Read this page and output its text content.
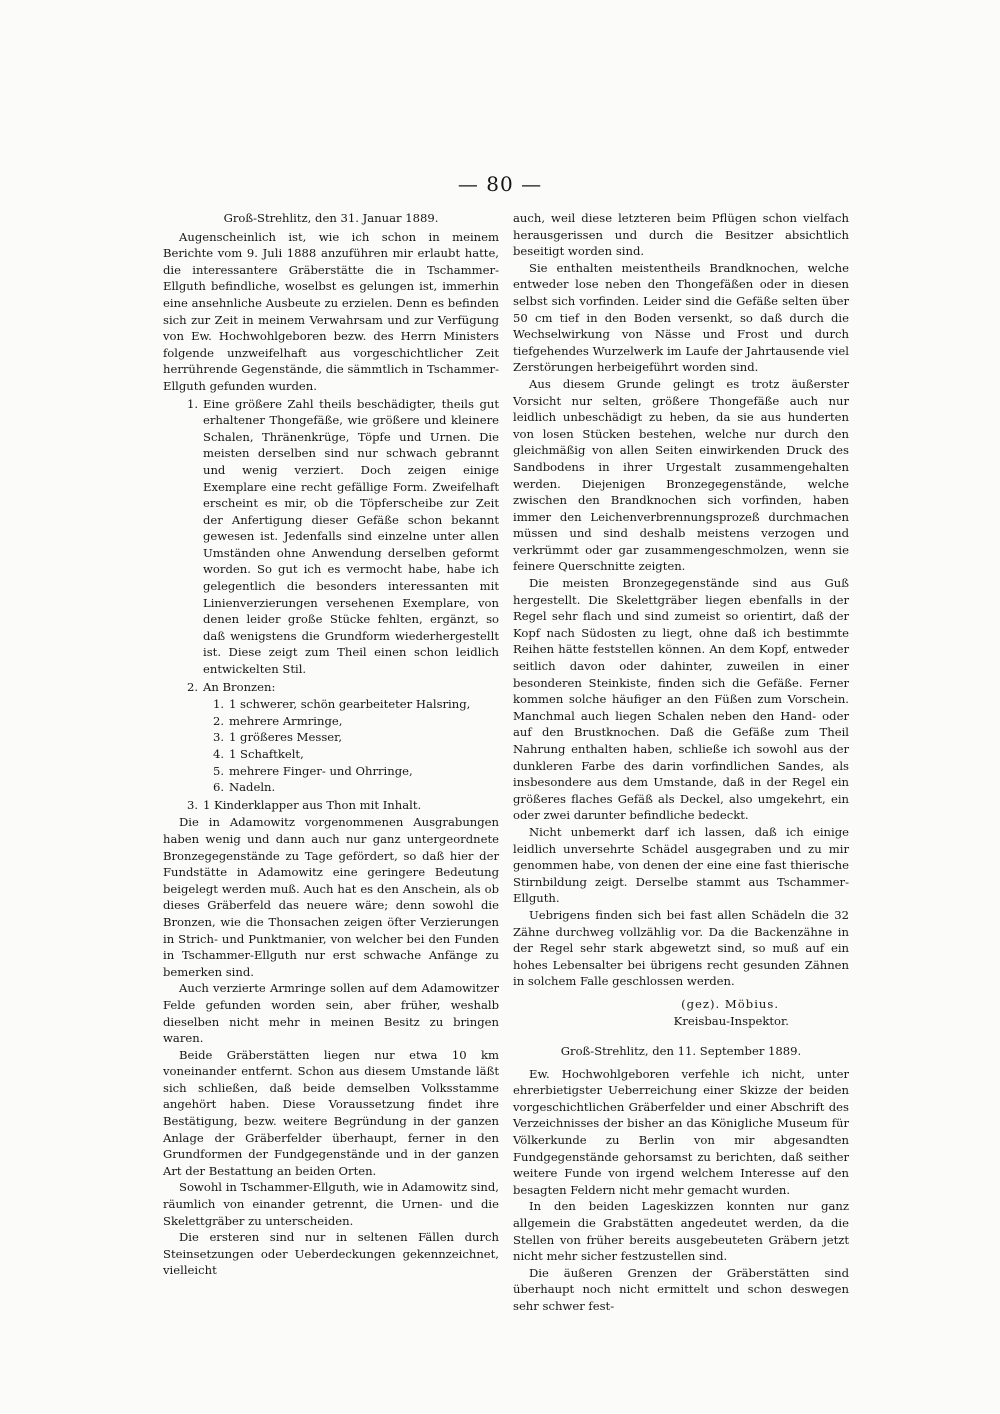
— 80 —
Groß-Strehlitz, den 31. Januar 1889.

Augenscheinlich ist, wie ich schon in meinem Berichte vom 9. Juli 1888 anzuführen mir erlaubt hatte, die interessantere Gräberstätte die in Tschammer-Ellguth befindliche, woselbst es gelungen ist, immerhin eine ansehnliche Ausbeute zu erzielen. Denn es befinden sich zur Zeit in meinem Verwahrsam und zur Verfügung von Ew. Hochwohlgeboren bezw. des Herrn Ministers folgende unzweifelhaft aus vorgeschichtlicher Zeit herrührende Gegenstände, die sämmtlich in Tschammer-Ellguth gefunden wurden.

1. Eine größere Zahl theils beschädigter, theils gut erhaltener Thongefäße, wie größere und kleinere Schalen, Thränenkrüge, Töpfe und Urnen. Die meisten derselben sind nur schwach gebrannt und wenig verziert. Doch zeigen einige Exemplare eine recht gefällige Form. Zweifelhaft erscheint es mir, ob die Töpferscheibe zur Zeit der Anfertigung dieser Gefäße schon bekannt gewesen ist. Jedenfalls sind einzelne unter allen Umständen ohne Anwendung derselben geformt worden. So gut ich es vermocht habe, habe ich gelegentlich die besonders interessanten mit Linienverzierungen versehenen Exemplare, von denen leider große Stücke fehlten, ergänzt, so daß wenigstens die Grundform wiederhergestellt ist. Diese zeigt zum Theil einen schon leidlich entwickelten Stil.
2. An Bronzen:
1. 1 schwerer, schön gearbeiteter Halsring,
2. mehrere Armringe,
3. 1 größeres Messer,
4. 1 Schaftkelt,
5. mehrere Finger- und Ohrringe,
6. Nadeln.
3. 1 Kinderklapper aus Thon mit Inhalt.

Die in Adamowitz vorgenommenen Ausgrabungen haben wenig und dann auch nur ganz untergeordnete Bronzegegenstände zu Tage gefördert, so daß hier der Fundstätte in Adamowitz eine geringere Bedeutung beigelegt werden muß. Auch hat es den Anschein, als ob dieses Gräberfeld das neuere wäre; denn sowohl die Bronzen, wie die Thonsachen zeigen öfter Verzierungen in Strich- und Punktmanier, von welcher bei den Funden in Tschammer-Ellguth nur erst schwache Anfänge zu bemerken sind.

Auch verzierte Armringe sollen auf dem Adamowitzer Felde gefunden worden sein, aber früher, weshalb dieselben nicht mehr in meinen Besitz zu bringen waren.

Beide Gräberstätten liegen nur etwa 10 km voneinander entfernt. Schon aus diesem Umstande läßt sich schließen, daß beide demselben Volksstamme angehört haben. Diese Voraussetzung findet ihre Bestätigung, bezw. weitere Begründung in der ganzen Anlage der Gräberfelder überhaupt, ferner in den Grundformen der Fundgegenstände und in der ganzen Art der Bestattung an beiden Orten.

Sowohl in Tschammer-Ellguth, wie in Adamowitz sind, räumlich von einander getrennt, die Urnen- und die Skelettgräber zu unterscheiden.

Die ersteren sind nur in seltenen Fällen durch Steinsetzungen oder Ueberdeckungen gekennzeichnet, vielleicht

auch, weil diese letzteren beim Pflügen schon vielfach herausgerissen und durch die Besitzer absichtlich beseitigt worden sind.

Sie enthalten meistentheils Brandknochen, welche entweder lose neben den Thongefäßen oder in diesen selbst sich vorfinden. Leider sind die Gefäße selten über 50 cm tief in den Boden versenkt, so daß durch die Wechselwirkung von Nässe und Frost und durch tiefgehendes Wurzelwerk im Laufe der Jahrtausende viel Zerstörungen herbeigeführt worden sind.

Aus diesem Grunde gelingt es trotz äußerster Vorsicht nur selten, größere Thongefäße auch nur leidlich unbeschädigt zu heben, da sie aus hunderten von losen Stücken bestehen, welche nur durch den gleichmäßig von allen Seiten einwirkenden Druck des Sandbodens in ihrer Urgestalt zusammengehalten werden. Diejenigen Bronzegegenstände, welche zwischen den Brandknochen sich vorfinden, haben immer den Leichenverbrennungsprozeß durchmachen müssen und sind deshalb meistens verzogen und verkrümmt oder gar zusammengeschmolzen, wenn sie feinere Querschnitte zeigten.

Die meisten Bronzegegenstände sind aus Guß hergestellt. Die Skelettgräber liegen ebenfalls in der Regel sehr flach und sind zumeist so orientirt, daß der Kopf nach Südosten zu liegt, ohne daß ich bestimmte Reihen hätte feststellen können. An dem Kopf, entweder seitlich davon oder dahinter, zuweilen in einer besonderen Steinkiste, finden sich die Gefäße. Ferner kommen solche häufiger an den Füßen zum Vorschein. Manchmal auch liegen Schalen neben den Hand- oder auf den Brustknochen. Daß die Gefäße zum Theil Nahrung enthalten haben, schließe ich sowohl aus der dunkleren Farbe des darin vorfindlichen Sandes, als insbesondere aus dem Umstande, daß in der Regel ein größeres flaches Gefäß als Deckel, also umgekehrt, ein oder zwei darunter befindliche bedeckt.

Nicht unbemerkt darf ich lassen, daß ich einige leidlich unversehrte Schädel ausgegraben und zu mir genommen habe, von denen der eine eine fast thierische Stirnbildung zeigt. Derselbe stammt aus Tschammer-Ellguth.

Uebrigens finden sich bei fast allen Schädeln die 32 Zähne durchweg vollzählig vor. Da die Backenzähne in der Regel sehr stark abgewetzt sind, so muß auf ein hohes Lebensalter bei übrigens recht gesunden Zähnen in solchem Falle geschlossen werden.

(gez). Möbius.
Kreisbau-Inspektor.
Groß-Strehlitz, den 11. September 1889.

Ew. Hochwohlgeboren verfehle ich nicht, unter ehrerbietigster Ueberreichung einer Skizze der beiden vorgeschichtlichen Gräberfelder und einer Abschrift des Verzeichnisses der bisher an das Königliche Museum für Völkerkunde zu Berlin von mir abgesandten Fundgegenstände gehorsamst zu berichten, daß seither weitere Funde von irgend welchem Interesse auf den besagten Feldern nicht mehr gemacht wurden.

In den beiden Lageskizzen konnten nur ganz allgemein die Grabstätten angedeutet werden, da die Stellen von früher bereits ausgebeuteten Gräbern jetzt nicht mehr sicher festzustellen sind.

Die äußeren Grenzen der Gräberstätten sind überhaupt noch nicht ermittelt und schon deswegen sehr schwer fest-
